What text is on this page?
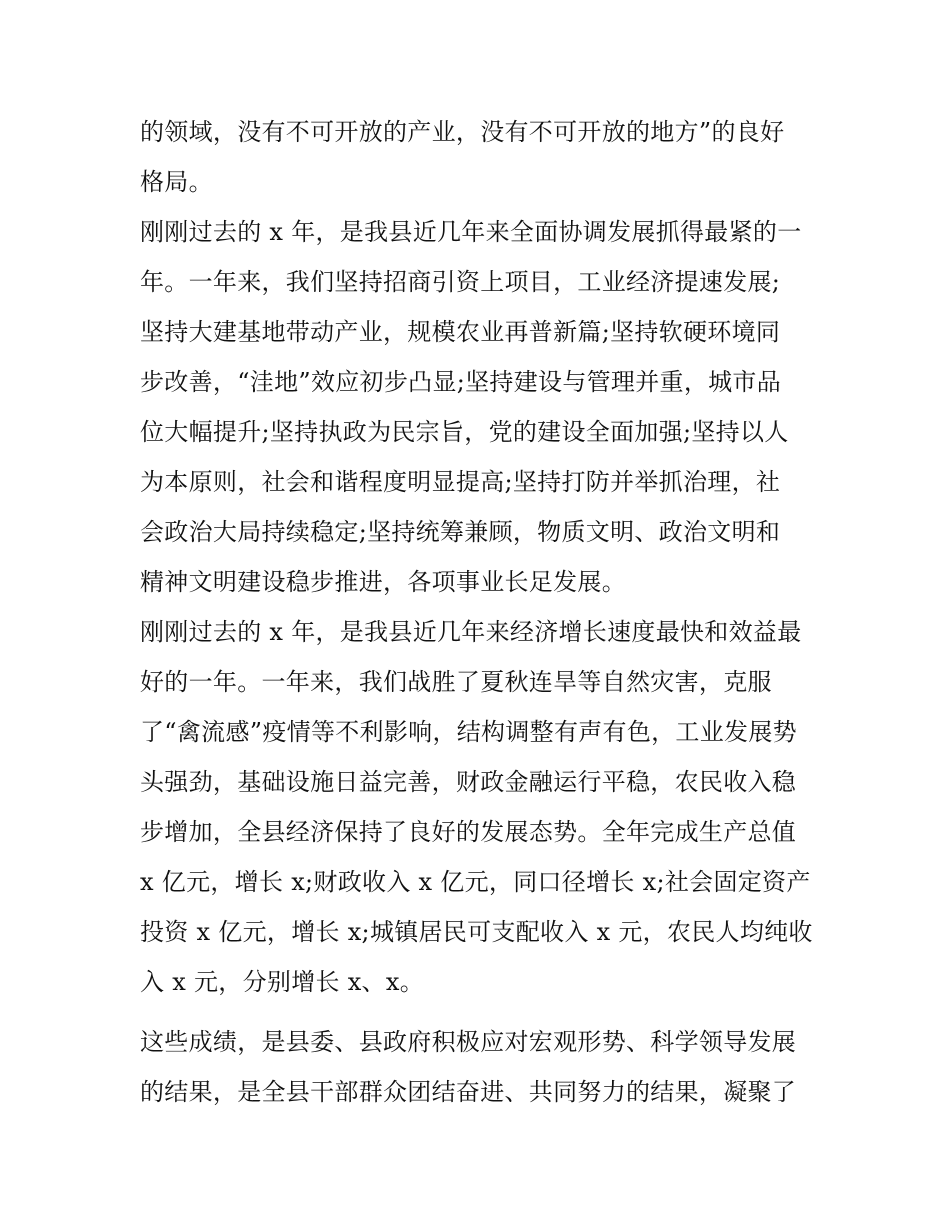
的领域，没有不可开放的产业，没有不可开放的地方”的良好
格局。
刚刚过去的 x 年，是我县近几年来全面协调发展抓得最紧的一
年。一年来，我们坚持招商引资上项目，工业经济提速发展;
坚持大建基地带动产业，规模农业再普新篇;坚持软硬环境同
步改善，“洼地”效应初步凸显;坚持建设与管理并重，城市品
位大幅提升;坚持执政为民宗旨，党的建设全面加强;坚持以人
为本原则，社会和谐程度明显提高;坚持打防并举抓治理，社
会政治大局持续稳定;坚持统筹兼顾，物质文明、政治文明和
精神文明建设稳步推进，各项事业长足发展。
刚刚过去的 x 年，是我县近几年来经济增长速度最快和效益最
好的一年。一年来，我们战胜了夏秋连旱等自然灾害，克服
了“禽流感”疫情等不利影响，结构调整有声有色，工业发展势
头强劲，基础设施日益完善，财政金融运行平稳，农民收入稳
步增加，全县经济保持了良好的发展态势。全年完成生产总值
x 亿元，增长 x;财政收入 x 亿元，同口径增长 x;社会固定资产
投资 x 亿元，增长 x;城镇居民可支配收入 x 元，农民人均纯收
入 x 元，分别增长 x、x。
这些成绩，是县委、县政府积极应对宏观形势、科学领导发展
的结果，是全县干部群众团结奋进、共同努力的结果，凝聚了
